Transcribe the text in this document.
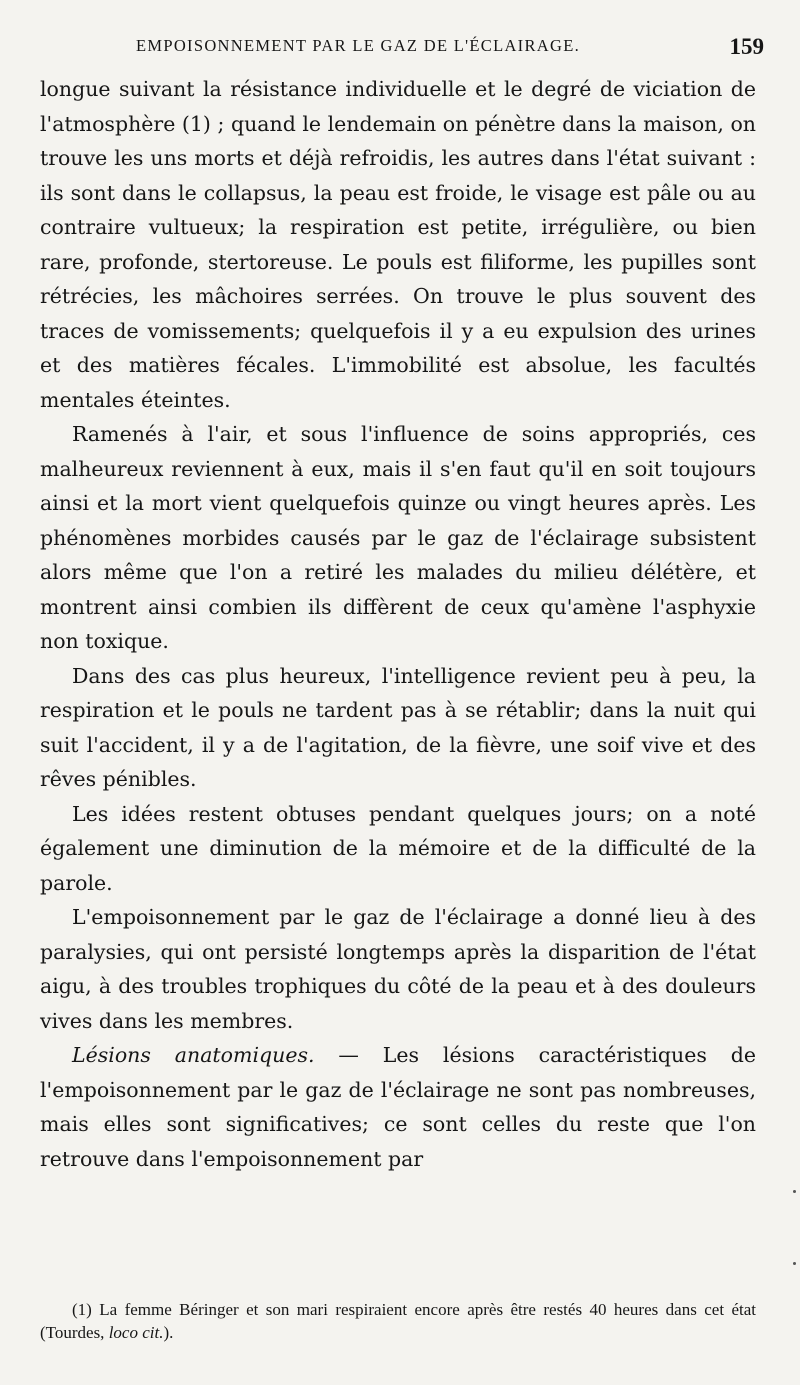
EMPOISONNEMENT PAR LE GAZ DE L'ÉCLAIRAGE.	159

longue suivant la résistance individuelle et le degré de viciation de l'atmosphère (1) ; quand le lendemain on pénètre dans la maison, on trouve les uns morts et déjà refroidis, les autres dans l'état suivant : ils sont dans le collapsus, la peau est froide, le visage est pâle ou au contraire vultueux; la respiration est petite, irrégulière, ou bien rare, profonde, stertoreuse. Le pouls est filiforme, les pupilles sont rétrécies, les mâchoires serrées. On trouve le plus souvent des traces de vomissements; quelquefois il y a eu expulsion des urines et des matières fécales. L'immobilité est absolue, les facultés mentales éteintes.

Ramenés à l'air, et sous l'influence de soins appropriés, ces malheureux reviennent à eux, mais il s'en faut qu'il en soit toujours ainsi et la mort vient quelquefois quinze ou vingt heures après. Les phénomènes morbides causés par le gaz de l'éclairage subsistent alors même que l'on a retiré les malades du milieu délétère, et montrent ainsi combien ils diffèrent de ceux qu'amène l'asphyxie non toxique.

Dans des cas plus heureux, l'intelligence revient peu à peu, la respiration et le pouls ne tardent pas à se rétablir; dans la nuit qui suit l'accident, il y a de l'agitation, de la fièvre, une soif vive et des rêves pénibles.

Les idées restent obtuses pendant quelques jours; on a noté également une diminution de la mémoire et de la difficulté de la parole.

L'empoisonnement par le gaz de l'éclairage a donné lieu à des paralysies, qui ont persisté longtemps après la disparition de l'état aigu, à des troubles trophiques du côté de la peau et à des douleurs vives dans les membres.

Lésions anatomiques. — Les lésions caractéristiques de l'empoisonnement par le gaz de l'éclairage ne sont pas nombreuses, mais elles sont significatives; ce sont celles du reste que l'on retrouve dans l'empoisonnement par

(1) La femme Béringer et son mari respiraient encore après être restés 40 heures dans cet état (Tourdes, loco cit.).
